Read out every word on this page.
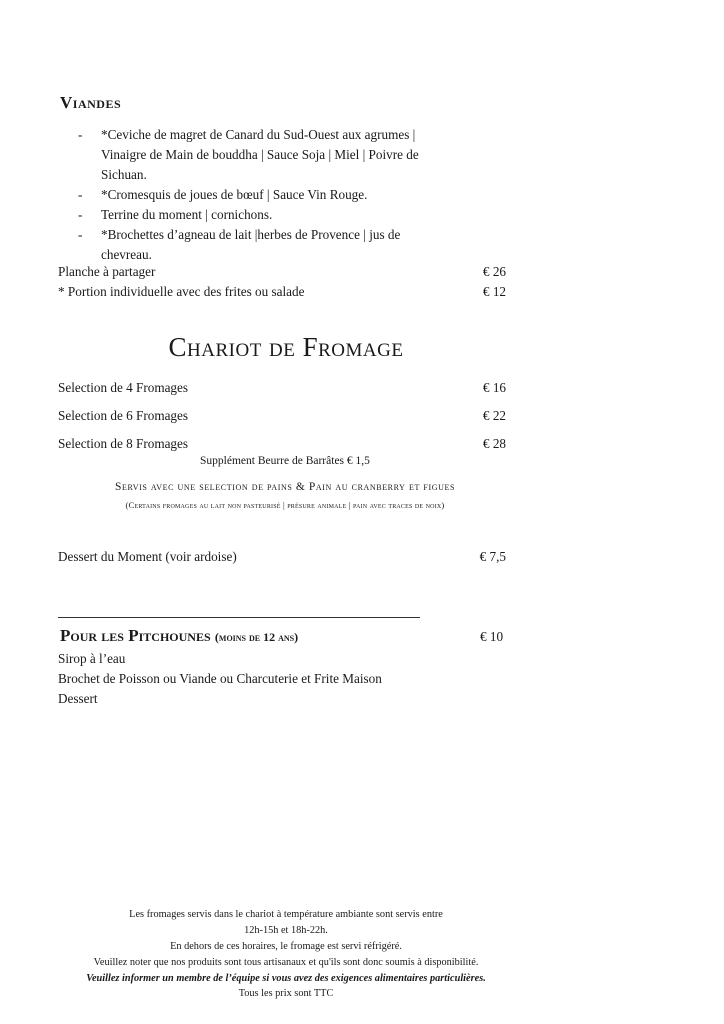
Viandes
- *Ceviche de magret de Canard du Sud-Ouest aux agrumes |
Vinaigre de Main de bouddha | Sauce Soja | Miel | Poivre de
Sichuan.
- *Cromesquis de joues de bœuf | Sauce Vin Rouge.
- Terrine du moment | cornichons.
- *Brochettes d’agneau de lait |herbes de Provence | jus de
chevreau.
Planche à partager	€ 26
* Portion individuelle avec des frites ou salade	€ 12
Chariot de Fromage
Selection de 4 Fromages	€ 16
Selection de 6 Fromages	€ 22
Selection de 8 Fromages	€ 28
Supplément Beurre de Barrâtes € 1,5
Servis avec une selection de pains & Pain au cranberry et figues
(Certains fromages au lait non pasteurisé | présure animale | pain avec traces de noix)
Dessert du Moment (voir ardoise)	€ 7,5
Pour les Pitchounes (moins de 12 ans)	€ 10
Sirop à l’eau
Brochet de Poisson ou Viande ou Charcuterie et Frite Maison
Dessert
Les fromages servis dans le chariot à température ambiante sont servis entre
12h-15h et 18h-22h.
En dehors de ces horaires, le fromage est servi réfrigéré.
Veuillez noter que nos produits sont tous artisanaux et qu'ils sont donc soumis à disponibilité.
Veuillez informer un membre de l’équipe si vous avez des exigences alimentaires particulières.
Tous les prix sont TTC
